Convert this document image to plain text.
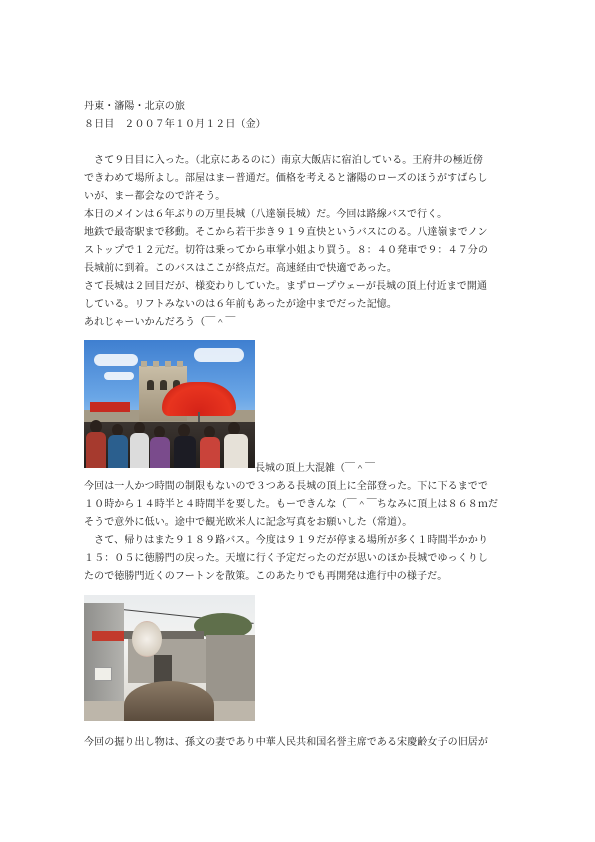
丹東・瀋陽・北京の旅
８日目　２００７年１０月１２日（金）
　さて９日目に入った。（北京にあるのに）南京大飯店に宿泊している。王府井の極近傍
できわめて場所よし。部屋はまー普通だ。価格を考えると瀋陽のローズのほうがすばらし
いが、まー都会なので許そう。
本日のメインは６年ぶりの万里長城（八達嶺長城）だ。今回は路線バスで行く。
地鉄で最寄駅まで移動。そこから若干歩き９１９直快というバスにのる。八達嶺までノン
ストップで１２元だ。切符は乗ってから車掌小姐より買う。８：４０発車で９：４７分の
長城前に到着。このバスはここが終点だ。高速経由で快適であった。
さて長城は２回目だが、様変わりしていた。まずロープウェーが長城の頂上付近まで開通
している。リフトみないのは６年前もあったが途中までだった記憶。
あれじゃーいかんだろう（￣＾￣
長城の頂上大混雑（￣＾￣
今回は一人かつ時間の制限もないので３つある長城の頂上に全部登った。下に下るまでで
１０時から１４時半と４時間半を要した。もーできんな（￣＾￣ちなみに頂上は８６８ｍだ
そうで意外に低い。途中で観光欧米人に記念写真をお願いした（常道）。
　さて、帰りはまた９１８９路バス。今度は９１９だが停まる場所が多く１時間半かかり
１５：０５に徳勝門の戻った。天壇に行く予定だったのだが思いのほか長城でゆっくりし
たので徳勝門近くのフートンを散策。このあたりでも再開発は進行中の様子だ。
今回の掘り出し物は、孫文の妻であり中華人民共和国名誉主席である宋慶齢女子の旧居が
